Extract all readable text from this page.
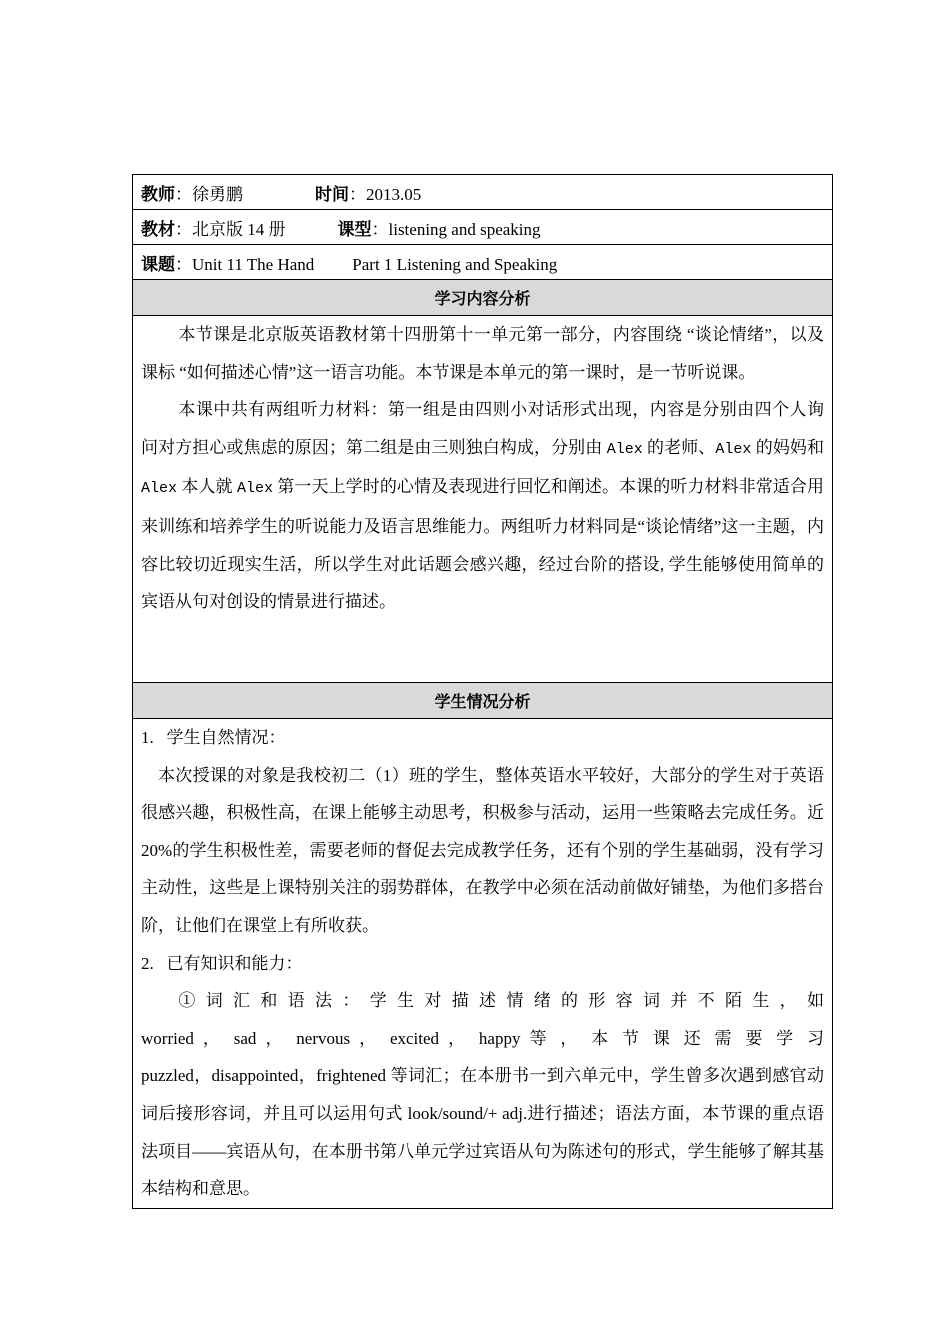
教师：徐勇鹏	时间：2013.05
教材：北京版 14 册	课型：listening and speaking
课题：Unit 11 The Hand Part 1 Listening and Speaking
学习内容分析

本节课是北京版英语教材第十四册第十一单元第一部分，内容围绕 “谈论情绪”，以及课标 “如何描述心情”这一语言功能。本节课是本单元的第一课时，是一节听说课。

本课中共有两组听力材料：第一组是由四则小对话形式出现，内容是分别由四个人询问对方担心或焦虑的原因；第二组是由三则独白构成，分别由 Alex 的老师、Alex 的妈妈和 Alex 本人就 Alex 第一天上学时的心情及表现进行回忆和阐述。本课的听力材料非常适合用来训练和培养学生的听说能力及语言思维能力。两组听力材料同是“谈论情绪”这一主题，内容比较切近现实生活，所以学生对此话题会感兴趣，经过台阶的搭设, 学生能够使用简单的宾语从句对创设的情景进行描述。

学生情况分析

1.   学生自然情况：

本次授课的对象是我校初二（1）班的学生，整体英语水平较好，大部分的学生对于英语很感兴趣，积极性高，在课上能够主动思考，积极参与活动，运用一些策略去完成任务。近 20%的学生积极性差，需要老师的督促去完成教学任务，还有个别的学生基础弱，没有学习主动性，这些是上课特别关注的弱势群体，在教学中必须在活动前做好铺垫，为他们多搭台阶，让他们在课堂上有所收获。

2.   已有知识和能力：

① 词 汇 和 语 法 ： 学 生 对 描 述 情 绪 的 形 容 词 并 不 陌 生 ， 如

worried ， sad ， nervous ， excited ， happy 等 ， 本 节 课 还 需 要 学 习

puzzled，disappointed，frightened 等词汇；在本册书一到六单元中，学生曾多次遇到感官动词后接形容词，并且可以运用句式 look/sound/+ adj.进行描述；语法方面，本节课的重点语法项目——宾语从句，在本册书第八单元学过宾语从句为陈述句的形式，学生能够了解其基本结构和意思。
